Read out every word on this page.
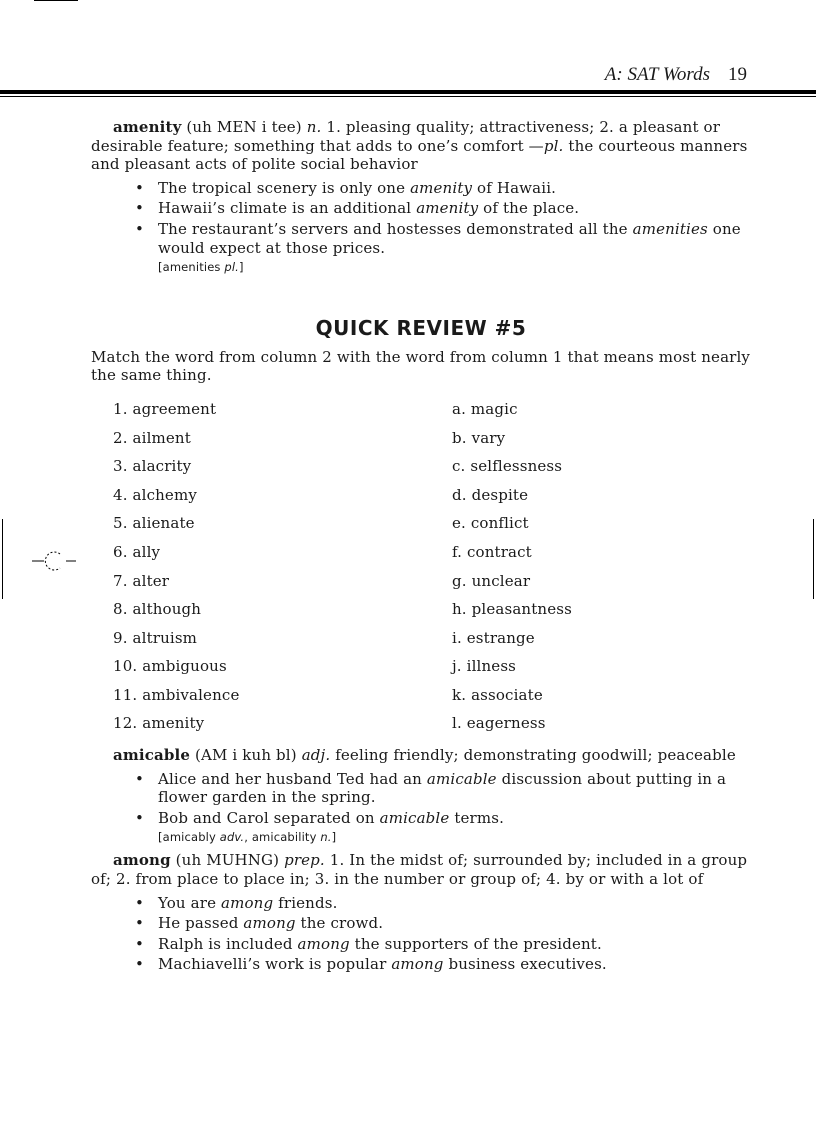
A: SAT Words 19

amenity (uh MEN i tee) n. 1. pleasing quality; attractiveness; 2. a pleasant or desirable feature; something that adds to one’s comfort —pl. the courteous manners and pleasant acts of polite social behavior

• The tropical scenery is only one amenity of Hawaii.
• Hawaii’s climate is an additional amenity of the place.
• The restaurant’s servers and hostesses demonstrated all the amenities one would expect at those prices.
[amenities pl.]
QUICK REVIEW #5

Match the word from column 2 with the word from column 1 that means most nearly the same thing.

1. agreement	a. magic
2. ailment	b. vary
3. alacrity	c. selflessness
4. alchemy	d. despite
5. alienate	e. conflict
6. ally	f. contract
7. alter	g. unclear
8. although	h. pleasantness
9. altruism	i. estrange
10. ambiguous	j. illness
11. ambivalence	k. associate
12. amenity	l. eagerness

amicable (AM i kuh bl) adj. feeling friendly; demonstrating goodwill; peaceable

• Alice and her husband Ted had an amicable discussion about putting in a flower garden in the spring.
• Bob and Carol separated on amicable terms.
[amicably adv., amicability n.]

among (uh MUHNG) prep. 1. In the midst of; surrounded by; included in a group of; 2. from place to place in; 3. in the number or group of; 4. by or with a lot of

• You are among friends.
• He passed among the crowd.
• Ralph is included among the supporters of the president.
• Machiavelli’s work is popular among business executives.
